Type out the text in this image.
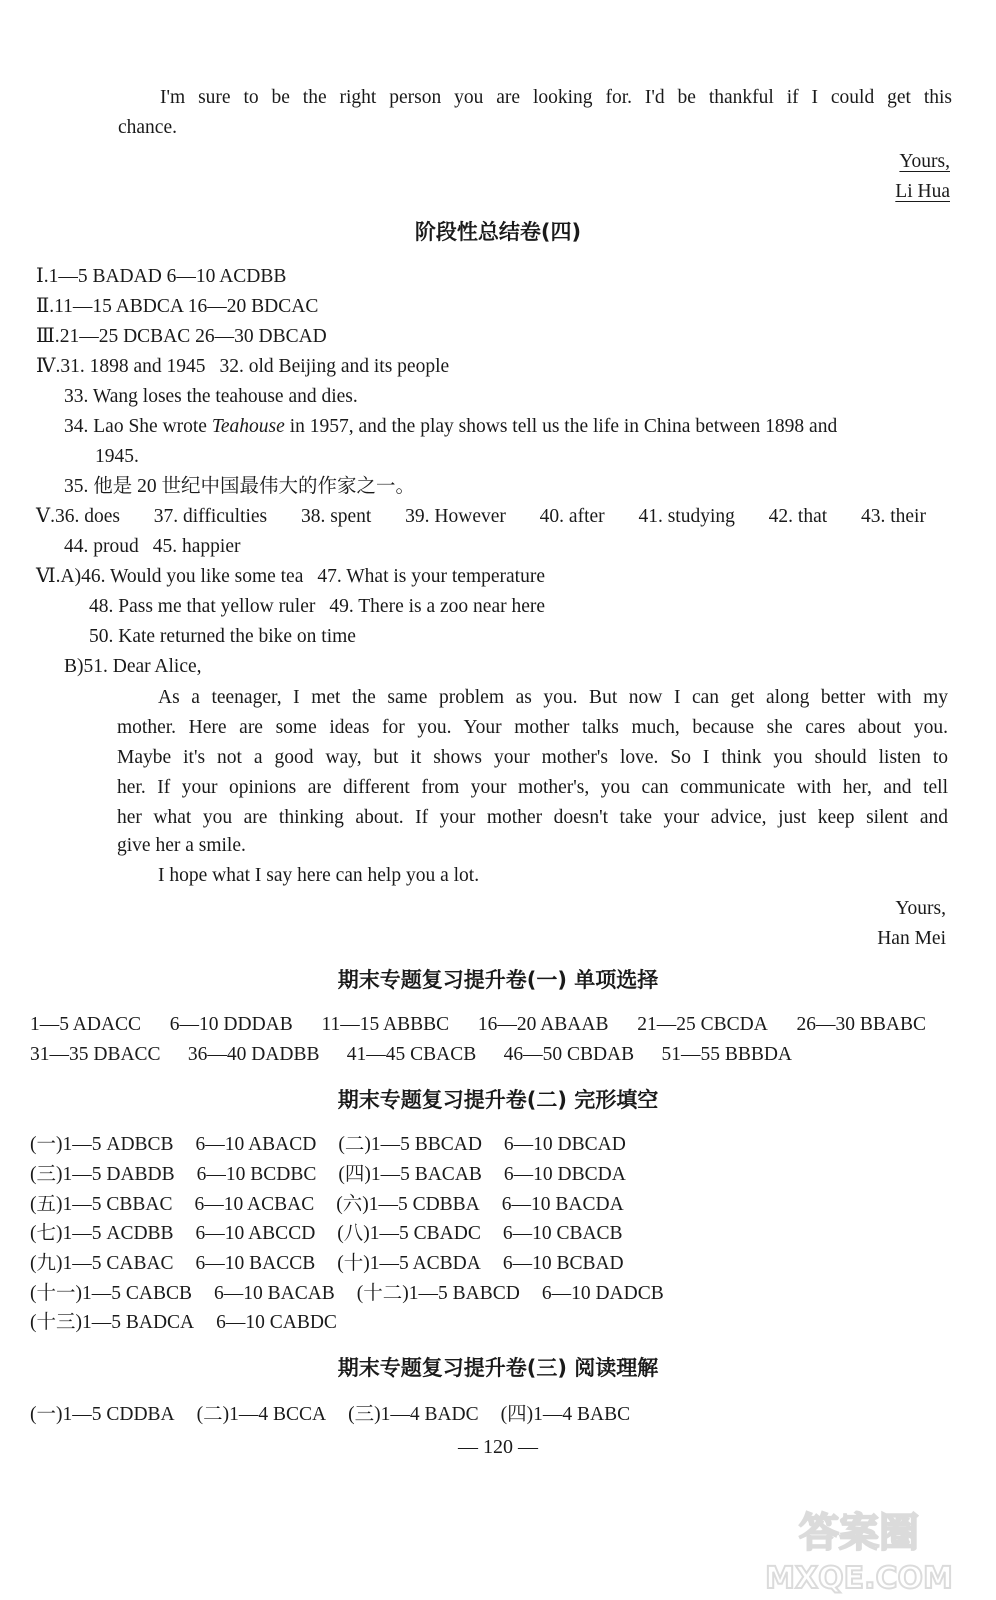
I'm sure to be the right person you are looking for. I'd be thankful if I could get this
chance.
Yours,
Li Hua
阶段性总结卷(四)
Ⅰ.1—5 BADAD 6—10 ACDBB
Ⅱ.11—15 ABDCA 16—20 BDCAC
Ⅲ.21—25 DCBAC 26—30 DBCAD
Ⅳ.31. 1898 and 1945 32. old Beijing and its people
33. Wang loses the teahouse and dies.
34. Lao She wrote Teahouse in 1957, and the play shows tell us the life in China between 1898 and
1945.
35. 他是 20 世纪中国最伟大的作家之一。
Ⅴ.36. does 37. difficulties 38. spent 39. However 40. after 41. studying 42. that 43. their
44. proud 45. happier
Ⅵ.A)46. Would you like some tea 47. What is your temperature
48. Pass me that yellow ruler 49. There is a zoo near here
50. Kate returned the bike on time
B)51. Dear Alice,
As a teenager, I met the same problem as you. But now I can get along better with my
mother. Here are some ideas for you. Your mother talks much, because she cares about you.
Maybe it's not a good way, but it shows your mother's love. So I think you should listen to
her. If your opinions are different from your mother's, you can communicate with her, and tell
her what you are thinking about. If your mother doesn't take your advice, just keep silent and
give her a smile.
I hope what I say here can help you a lot.
Yours,
Han Mei
期末专题复习提升卷(一) 单项选择
1—5 ADACC 6—10 DDDAB 11—15 ABBBC 16—20 ABAAB 21—25 CBCDA 26—30 BBABC
31—35 DBACC 36—40 DADBB 41—45 CBACB 46—50 CBDAB 51—55 BBBDA
期末专题复习提升卷(二) 完形填空
(一)1—5 ADBCB 6—10 ABACD (二)1—5 BBCAD 6—10 DBCAD
(三)1—5 DABDB 6—10 BCDBC (四)1—5 BACAB 6—10 DBCDA
(五)1—5 CBBAC 6—10 ACBAC (六)1—5 CDBBA 6—10 BACDA
(七)1—5 ACDBB 6—10 ABCCD (八)1—5 CBADC 6—10 CBACB
(九)1—5 CABAC 6—10 BACCB (十)1—5 ACBDA 6—10 BCBAD
(十一)1—5 CABCB 6—10 BACAB (十二)1—5 BABCD 6—10 DADCB
(十三)1—5 BADCA 6—10 CABDC
期末专题复习提升卷(三) 阅读理解
(一)1—5 CDDBA (二)1—4 BCCA (三)1—4 BADC (四)1—4 BABC
— 120 —
答案圈
MXQE.COM
